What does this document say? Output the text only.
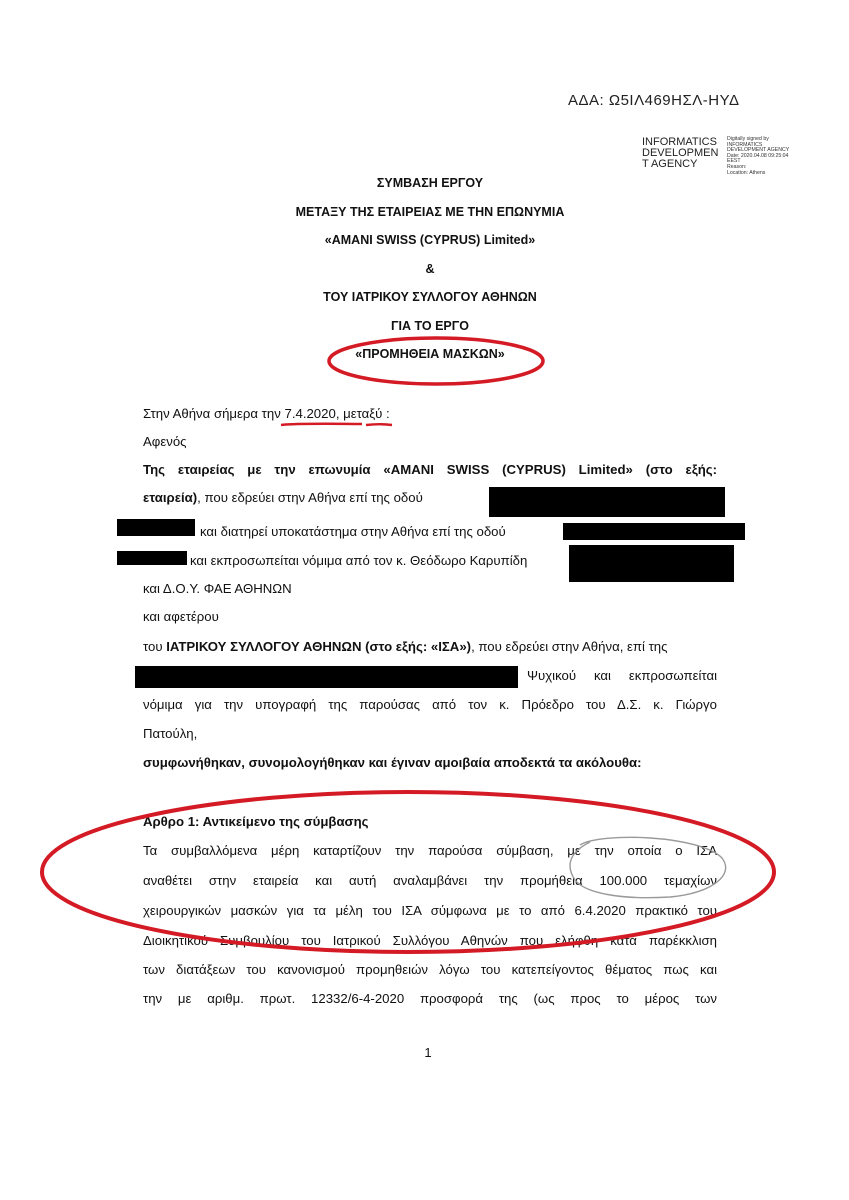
ΑΔΑ: Ω5ΙΛ469ΗΣΛ-ΗΥΔ
INFORMATICS
DEVELOPMEN
T AGENCY
Digitally signed by
INFORMATICS
DEVELOPMENT AGENCY
Date: 2020.04.08 09:25:04
EEST
Reason:
Location: Athens
ΣΥΜΒΑΣΗ ΕΡΓΟΥ
ΜΕΤΑΞΥ ΤΗΣ ΕΤΑΙΡΕΙΑΣ ΜΕ ΤΗΝ ΕΠΩΝΥΜΙΑ
«AMANI SWISS (CYPRUS) Limited»
&
ΤΟΥ ΙΑΤΡΙΚΟΥ ΣΥΛΛΟΓΟΥ ΑΘΗΝΩΝ
ΓΙΑ ΤΟ ΕΡΓΟ
«ΠΡΟΜΗΘΕΙΑ ΜΑΣΚΩΝ»
Στην Αθήνα σήμερα την 7.4.2020, μεταξύ :
Αφενός
Της εταιρείας με την επωνυμία «AMANI SWISS (CYPRUS) Limited» (στο εξής:
εταιρεία), που εδρεύει στην Αθήνα επί της οδού
και διατηρεί υποκατάστημα στην Αθήνα επί της οδού
και εκπροσωπείται νόμιμα από τον κ. Θεόδωρο Καρυπίδη
και Δ.Ο.Υ. ΦΑΕ ΑΘΗΝΩΝ
και αφετέρου
του ΙΑΤΡΙΚΟΥ ΣΥΛΛΟΓΟΥ ΑΘΗΝΩΝ (στο εξής: «ΙΣΑ»), που εδρεύει στην Αθήνα, επί της
Ψυχικού και εκπροσωπείται
νόμιμα για την υπογραφή της παρούσας από τον κ. Πρόεδρο του Δ.Σ. κ. Γιώργο
Πατούλη,
συμφωνήθηκαν, συνομολογήθηκαν και έγιναν αμοιβαία αποδεκτά τα ακόλουθα:
Άρθρο 1: Αντικείμενο της σύμβασης
Τα συμβαλλόμενα μέρη καταρτίζουν την παρούσα σύμβαση, με την οποία ο ΙΣΑ
αναθέτει στην εταιρεία και αυτή αναλαμβάνει την προμήθεια 100.000 τεμαχίων
χειρουργικών μασκών για τα μέλη του ΙΣΑ σύμφωνα με το από 6.4.2020 πρακτικό του
Διοικητικού Συμβουλίου του Ιατρικού Συλλόγου Αθηνών που ελήφθη κατά παρέκκλιση
των διατάξεων του κανονισμού προμηθειών λόγω του κατεπείγοντος θέματος πως και
την με αριθμ. πρωτ. 12332/6-4-2020 προσφορά της (ως προς το μέρος των
1
